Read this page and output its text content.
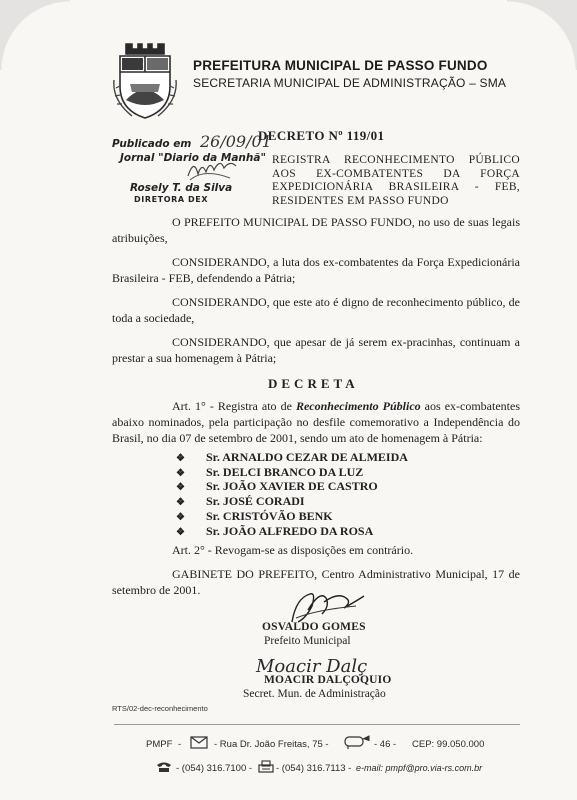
PREFEITURA MUNICIPAL DE PASSO FUNDO
SECRETARIA MUNICIPAL DE ADMINISTRAÇÃO – SMA
Publicado em 26/09/01
Jornal "Diario da Manhã"
Rosely T. da Silva
DIRETORA DEX
DECRETO Nº 119/01
REGISTRA RECONHECIMENTO PÚBLICO AOS EX-COMBATENTES DA FORÇA EXPEDICIONÁRIA BRASILEIRA - FEB, RESIDENTES EM PASSO FUNDO
O PREFEITO MUNICIPAL DE PASSO FUNDO, no uso de suas legais atribuições,
CONSIDERANDO, a luta dos ex-combatentes da Força Expedicionária Brasileira - FEB, defendendo a Pátria;
CONSIDERANDO, que este ato é digno de reconhecimento público, de toda a sociedade,
CONSIDERANDO, que apesar de já serem ex-pracinhas, continuam a prestar a sua homenagem à Pátria;
DECRETA
Art. 1° - Registra ato de Reconhecimento Público aos ex-combatentes abaixo nominados, pela participação no desfile comemorativo a Independência do Brasil, no dia 07 de setembro de 2001, sendo um ato de homenagem à Pátria:
❖ Sr. ARNALDO CEZAR DE ALMEIDA
❖ Sr. DELCI BRANCO DA LUZ
❖ Sr. JOÃO XAVIER DE CASTRO
❖ Sr. JOSÉ CORADI
❖ Sr. CRISTÓVÃO BENK
❖ Sr. JOÃO ALFREDO DA ROSA
Art. 2° - Revogam-se as disposições em contrário.
GABINETE DO PREFEITO, Centro Administrativo Municipal, 17 de setembro de 2001.
OSVALDO GOMES
Prefeito Municipal
Moacir Dalç
MOACIR DALÇOQUIO
Secret. Mun. de Administração
RTS/02-dec-reconhecimento
PMPF -	- Rua Dr. João Freitas, 75 -	- 46 - CEP: 99.050.000
- (054) 316.7100 -	- (054) 316.7113 - e-mail: pmpf@pro.via-rs.com.br
